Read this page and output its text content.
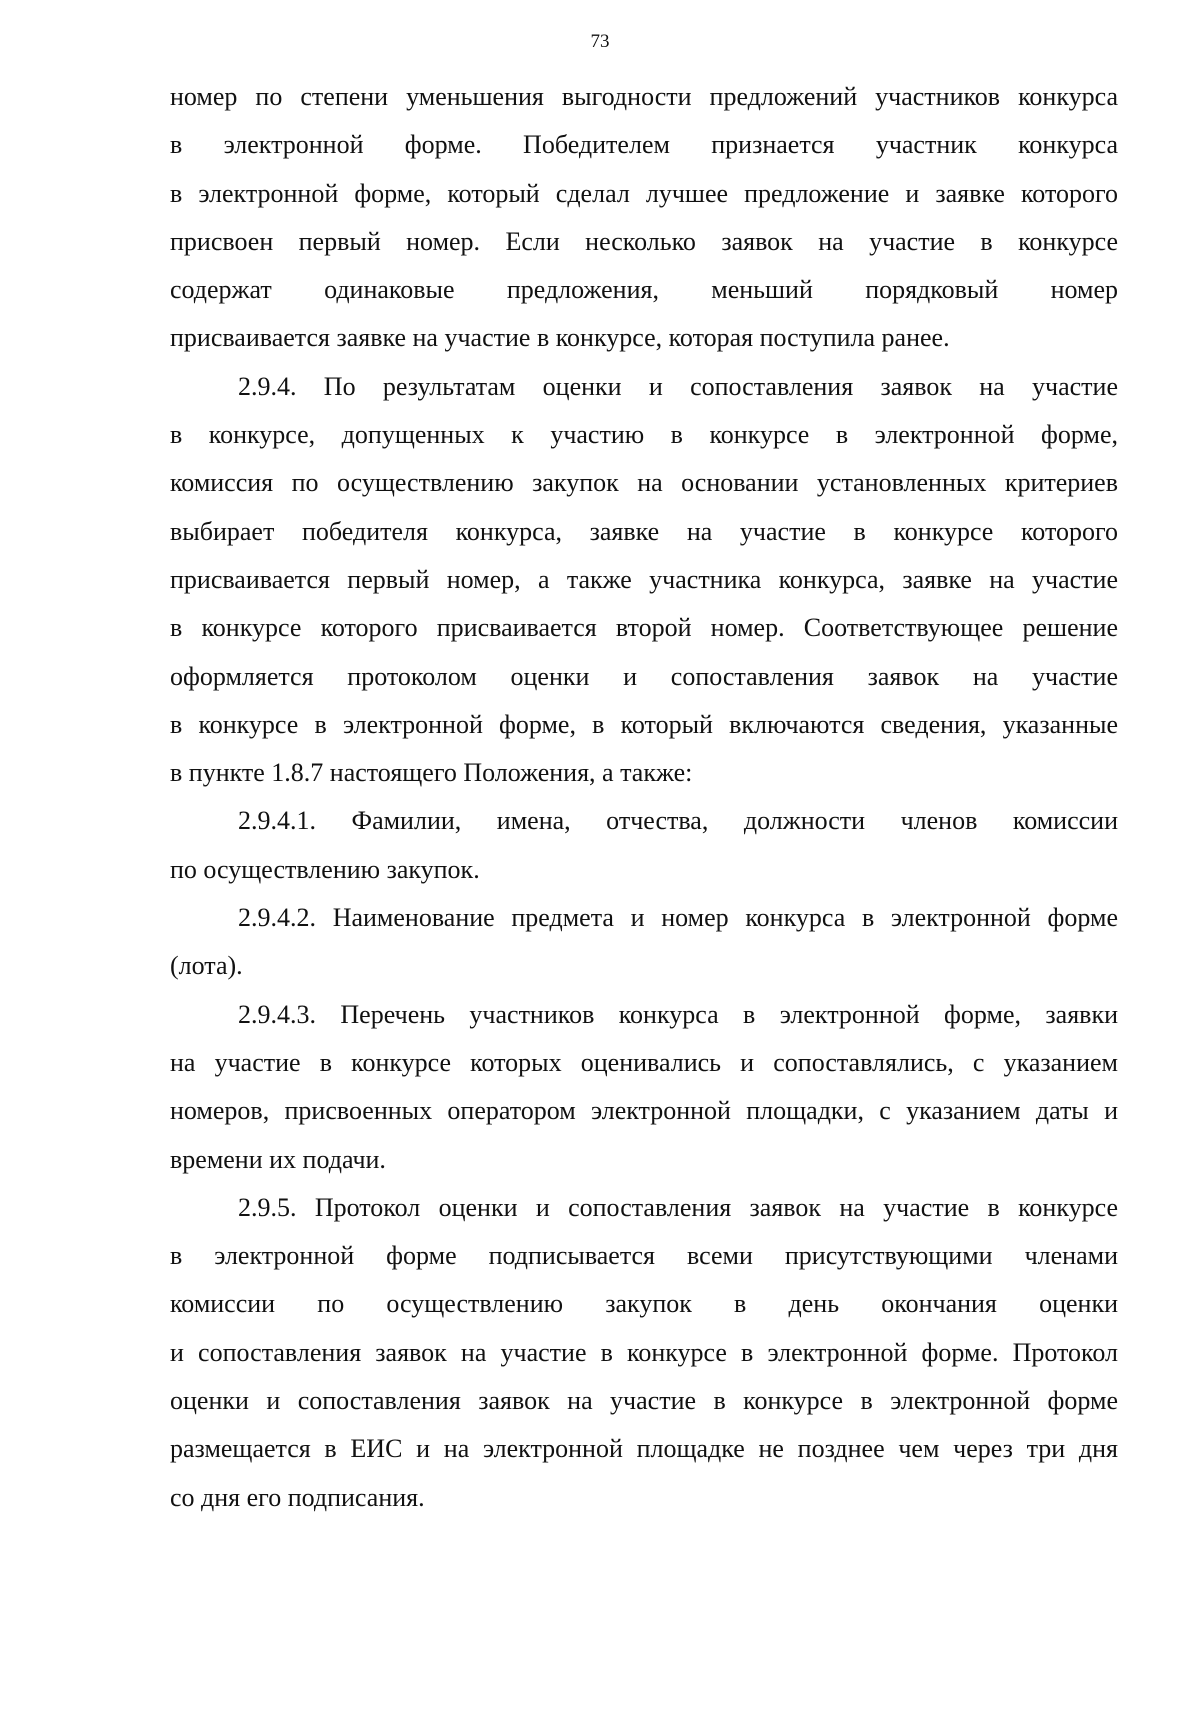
73
номер по степени уменьшения выгодности предложений участников конкурса
в электронной форме. Победителем признается участник конкурса
в электронной форме, который сделал лучшее предложение и заявке которого
присвоен первый номер. Если несколько заявок на участие в конкурсе
содержат одинаковые предложения, меньший порядковый номер
присваивается заявке на участие в конкурсе, которая поступила ранее.
2.9.4. По результатам оценки и сопоставления заявок на участие
в конкурсе, допущенных к участию в конкурсе в электронной форме,
комиссия по осуществлению закупок на основании установленных критериев
выбирает победителя конкурса, заявке на участие в конкурсе которого
присваивается первый номер, а также участника конкурса, заявке на участие
в конкурсе которого присваивается второй номер. Соответствующее решение
оформляется протоколом оценки и сопоставления заявок на участие
в конкурсе в электронной форме, в который включаются сведения, указанные
в пункте 1.8.7 настоящего Положения, а также:
2.9.4.1. Фамилии, имена, отчества, должности членов комиссии
по осуществлению закупок.
2.9.4.2. Наименование предмета и номер конкурса в электронной форме
(лота).
2.9.4.3. Перечень участников конкурса в электронной форме, заявки
на участие в конкурсе которых оценивались и сопоставлялись, с указанием
номеров, присвоенных оператором электронной площадки, с указанием даты и
времени их подачи.
2.9.5. Протокол оценки и сопоставления заявок на участие в конкурсе
в электронной форме подписывается всеми присутствующими членами
комиссии по осуществлению закупок в день окончания оценки
и сопоставления заявок на участие в конкурсе в электронной форме. Протокол
оценки и сопоставления заявок на участие в конкурсе в электронной форме
размещается в ЕИС и на электронной площадке не позднее чем через три дня
со дня его подписания.
